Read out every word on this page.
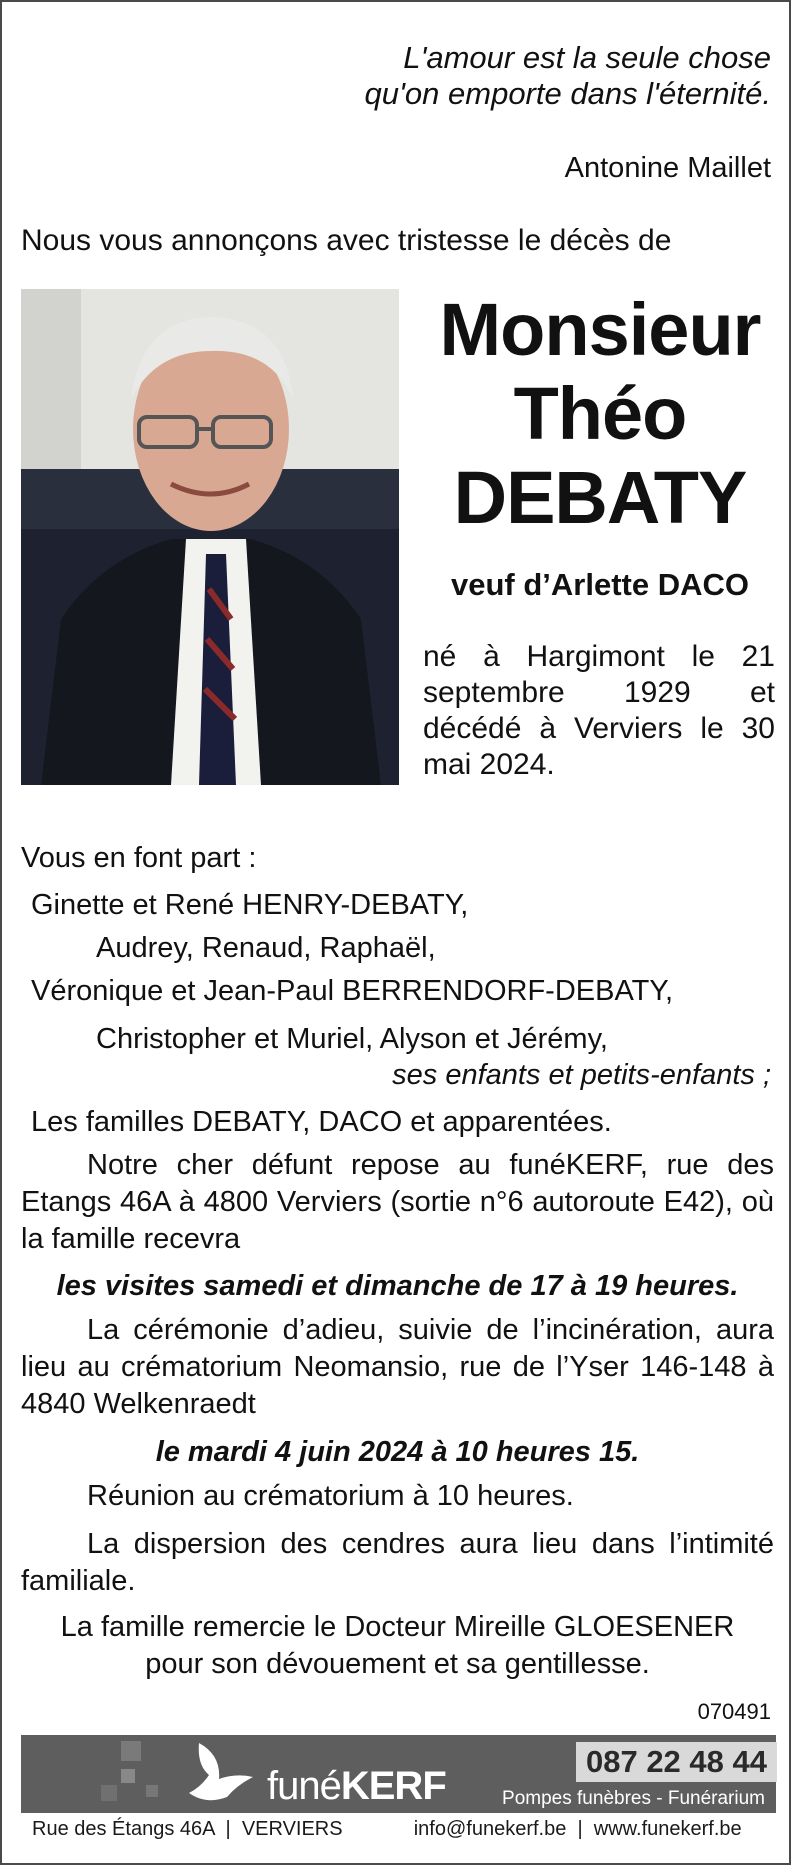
L'amour est la seule chose
qu'on emporte dans l'éternité.
Antonine Maillet
Nous vous annonçons avec tristesse le décès de
Monsieur
Théo
DEBATY
veuf d’Arlette DACO
né à Hargimont le 21 septembre 1929 et décédé à Verviers le 30 mai 2024.
Vous en font part :
Ginette et René HENRY-DEBATY,
Audrey, Renaud, Raphaël,
Véronique et Jean-Paul BERRENDORF-DEBATY,
Christopher et Muriel, Alyson et Jérémy,
ses enfants et petits-enfants ;
Les familles DEBATY, DACO et apparentées.
Notre cher défunt repose au funéKERF, rue des Etangs 46A à 4800 Verviers (sortie n°6 autoroute E42), où la famille recevra
les visites samedi et dimanche de 17 à 19 heures.
La cérémonie d’adieu, suivie de l’incinération, aura lieu au crématorium Neomansio, rue de l’Yser 146-148 à 4840 Welkenraedt
le mardi 4 juin 2024 à 10 heures 15.
Réunion au crématorium à 10 heures.
La dispersion des cendres aura lieu dans l’intimité familiale.
La famille remercie le Docteur Mireille GLOESENER
pour son dévouement et sa gentillesse.
070491
087 22 48 44
funéKERF	Pompes funèbres - Funérarium
Rue des Étangs 46A | VERVIERS	info@funekerf.be | www.funekerf.be
